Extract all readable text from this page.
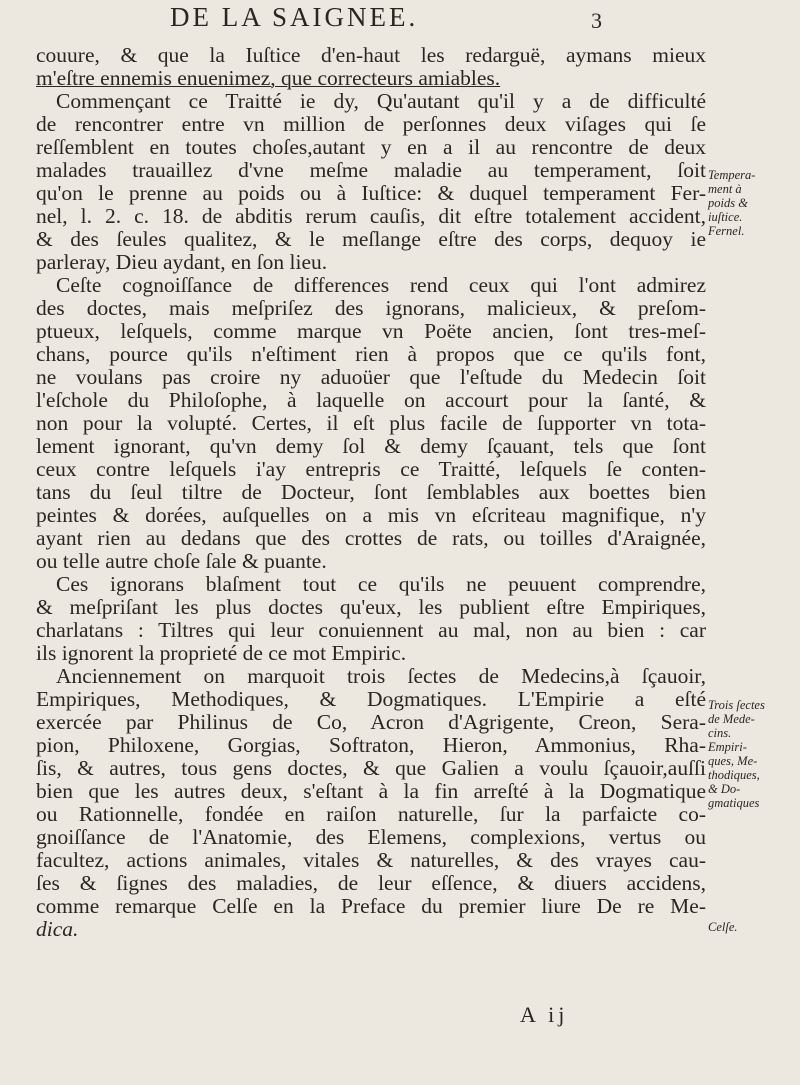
DE LA SAIGNEE.	3
couure, & que la Iuſtice d'en-haut les redarguë, aymans mieux
m'eſtre ennemis enuenimez, que correcteurs amiables.
Commençant ce Traitté ie dy, Qu'autant qu'il y a de difficulté
de rencontrer entre vn million de perſonnes deux viſages qui ſe
reſſemblent en toutes choſes,autant y en a il au rencontre de deux
malades trauaillez d'vne meſme maladie au temperament, ſoit
qu'on le prenne au poids ou à Iuſtice: & duquel temperament Fer-
nel, l. 2. c. 18. de abditis rerum cauſis, dit eſtre totalement accident,
& des ſeules qualitez, & le meſlange eſtre des corps, dequoy ie
parleray, Dieu aydant, en ſon lieu.
Ceſte cognoiſſance de differences rend ceux qui l'ont admirez
des doctes, mais meſpriſez des ignorans, malicieux, & preſom-
ptueux, leſquels, comme marque vn Poëte ancien, ſont tres-meſ-
chans, pource qu'ils n'eſtiment rien à propos que ce qu'ils font,
ne voulans pas croire ny aduoüer que l'eſtude du Medecin ſoit
l'eſchole du Philoſophe, à laquelle on accourt pour la ſanté, &
non pour la volupté. Certes, il eſt plus facile de ſupporter vn tota-
lement ignorant, qu'vn demy ſol & demy ſçauant, tels que ſont
ceux contre leſquels i'ay entrepris ce Traitté, leſquels ſe conten-
tans du ſeul tiltre de Docteur, ſont ſemblables aux boettes bien
peintes & dorées, auſquelles on a mis vn eſcriteau magnifique, n'y
ayant rien au dedans que des crottes de rats, ou toilles d'Araignée,
ou telle autre choſe ſale & puante.
Ces ignorans blaſment tout ce qu'ils ne peuuent comprendre,
& meſpriſant les plus doctes qu'eux, les publient eſtre Empiriques,
charlatans : Tiltres qui leur conuiennent au mal, non au bien : car
ils ignorent la proprieté de ce mot Empiric.
Anciennement on marquoit trois ſectes de Medecins,à ſçauoir,
Empiriques, Methodiques, & Dogmatiques. L'Empirie a eſté
exercée par Philinus de Co, Acron d'Agrigente, Creon, Sera-
pion, Philoxene, Gorgias, Softraton, Hieron, Ammonius, Rha-
ſis, & autres, tous gens doctes, & que Galien a voulu ſçauoir,auſſi
bien que les autres deux, s'eſtant à la fin arreſté à la Dogmatique
ou Rationnelle, fondée en raiſon naturelle, ſur la parfaicte co-
gnoiſſance de l'Anatomie, des Elemens, complexions, vertus ou
facultez, actions animales, vitales & naturelles, & des vrayes cau-
ſes & ſignes des maladies, de leur eſſence, & diuers accidens,
comme remarque Celſe en la Preface du premier liure De re Me-
dica.
Temperа-
ment à
poids &
iuſtice.
Fernel.
Trois ſectes
de Mede-
cins.
Empiri-
ques, Me-
thodiques,
& Do-
gmatiques
Celſe.
A ij
